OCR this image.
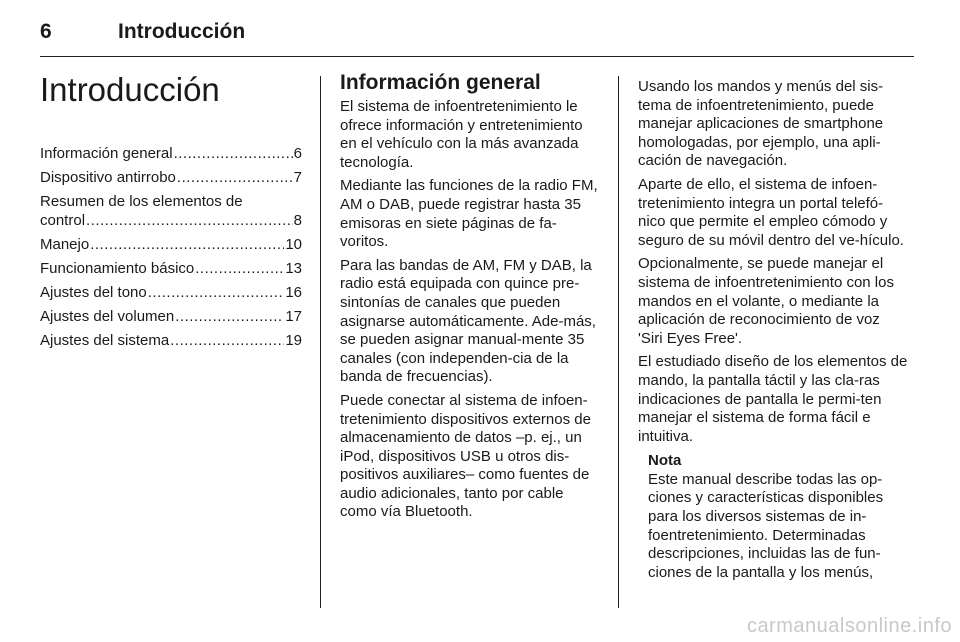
6	Introducción
Introducción
Información general .....	6
Dispositivo antirrobo .....	7
Resumen de los elementos de
control .....	8
Manejo .....	10
Funcionamiento básico .....	13
Ajustes del tono .....	16
Ajustes del volumen .....	17
Ajustes del sistema .....	19
Información general

El sistema de infoentretenimiento le ofrece información y entretenimiento en el vehículo con la más avanzada tecnología.

Mediante las funciones de la radio FM, AM o DAB, puede registrar hasta 35 emisoras en siete páginas de fa-voritos.

Para las bandas de AM, FM y DAB, la radio está equipada con quince pre-sintonías de canales que pueden asignarse automáticamente. Ade-más, se pueden asignar manual-mente 35 canales (con independen-cia de la banda de frecuencias).

Puede conectar al sistema de infoen-tretenimiento dispositivos externos de almacenamiento de datos –p. ej., un iPod, dispositivos USB u otros dis-positivos auxiliares– como fuentes de audio adicionales, tanto por cable como vía Bluetooth.

Usando los mandos y menús del sis-tema de infoentretenimiento, puede manejar aplicaciones de smartphone homologadas, por ejemplo, una apli-cación de navegación.

Aparte de ello, el sistema de infoen-tretenimiento integra un portal telefó-nico que permite el empleo cómodo y seguro de su móvil dentro del ve-hículo.

Opcionalmente, se puede manejar el sistema de infoentretenimiento con los mandos en el volante, o mediante la aplicación de reconocimiento de voz 'Siri Eyes Free'.

El estudiado diseño de los elementos de mando, la pantalla táctil y las cla-ras indicaciones de pantalla le permi-ten manejar el sistema de forma fácil e intuitiva.

Nota

Este manual describe todas las op-ciones y características disponibles para los diversos sistemas de in-foentretenimiento. Determinadas descripciones, incluidas las de fun-ciones de la pantalla y los menús,

carmanualsonline.info
